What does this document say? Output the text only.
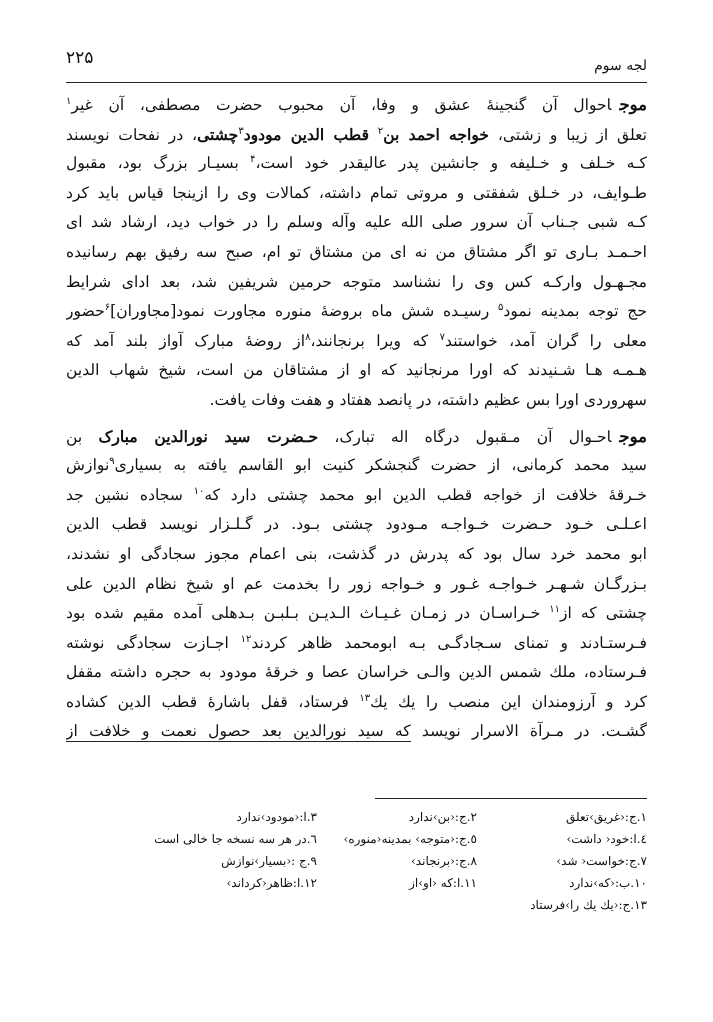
لجه سوم
۲۲۵
موجاحوال آن گنجینۀ عشق و وفا، آن محبوب حضرت مصطفی، آن غیر$^۱$
تعلق از زیبا و زشتی، خواجه احمد بن$^۲$ قطب الدین مودود$^۳$چشتی، در نفحات نویسند
کـه خـلف و خـلیفه و جانشین پدر عالیقدر خود است،$^۴$ بسیـار بزرگ بود، مقبول
طـوایف، در خـلق شفقتی و مروتی تمام داشته، کمالات وی را ازینجا قیاس باید کرد
کـه شبی جـناب آن سرور صلی الله علیه وآله وسلم را در خواب دید، ارشاد شد ای
احـمـد بـاری تو اگر مشتاق من نه ای من مشتاق تو ام، صبح سه رفیق بهم رسانیده
مجـهـول وارکـه کس وی را نشناسد متوجه حرمین شریفین شد، بعد ادای شرایط
حج توجه بمدینه نمود$^۵$ رسیـده شش ماه بروضۀ منوره مجاورت نمود[مجاوران]$^۶$حضور
معلی را گران آمد، خواستند$^۷$ که ویرا برنجانند،$^۸$از روضۀ مبارک آواز بلند آمد که
هـمـه هـا شـنیدند که اورا مرنجانید که او از مشتاقان من است، شیخ شهاب الدین
سهروردی اورا بس عظیم داشته، در پانصد هفتاد و هفت وفات یافت.
موجاحـوال آن مـقبول درگاه اله تبارک، حـضرت سید نورالدین مبارک بن
سید محمد کرمانی، از حضرت گنجشکر کنیت ابو القاسم یافته به بسیاری$^۹$نوازش
خـرقۀ خلافت از خواجه قطب الدین ابو محمد چشتی دارد که$^{۱۰}$ سجاده نشین جد
اعـلـی خـود حـضرت خـواجـه مـودود چشتی بـود. در گـلـزار نویسد قطب الدین
ابو محمد خرد سال بود که پدرش در گذشت، بنی اعمام مجوز سجادگی او نشدند،
بـزرگـان شـهـر خـواجـه غـور و خـواجه زور را بخدمت عم او شیخ نظام الدین علی
چشتی که از$^{۱۱}$ خـراسـان در زمـان غـیـاث الـدیـن بـلبـن بـدهلی آمده مقیم شده بود
فـرستـادند و تمنای سـجادگـی بـه ابومحمد ظاهر کردند$^{۱۲}$ اجـازت سجادگی نوشته
فـرستاده، ملك شمس الدین والـی خراسان عصا و خرقۀ مودود به حجره داشته مقفل
کرد و آرزومندان این منصب را یك یك$^{۱۳}$ فرستاد، قفل باشارۀ قطب الدین کشاده
گشـت. در مـرآة الاسرار نویسد که سید نورالدین بعد حصول نعمت و خلافت از
۱.ج:‹غریق›تعلق
۲.ج:‹بن›ندارد
۳.ا:‹مودود›ندارد
٤.ا:خود‹ داشت›
٥.ج:‹متوجه› بمدینه‹منوره›
٦.در هر سه نسخه جا خالی است
۷.ج:خواست‹ شد›
۸.ج:‹برنجاند›
۹.ج :‹بسیار›نوازش
۱۰.ب:‹که›ندارد
۱۱.ا:که ‹او›از
۱۲.ا:ظاهر‹کرداند›
۱۳.ج:‹یك یك را›فرستاد
